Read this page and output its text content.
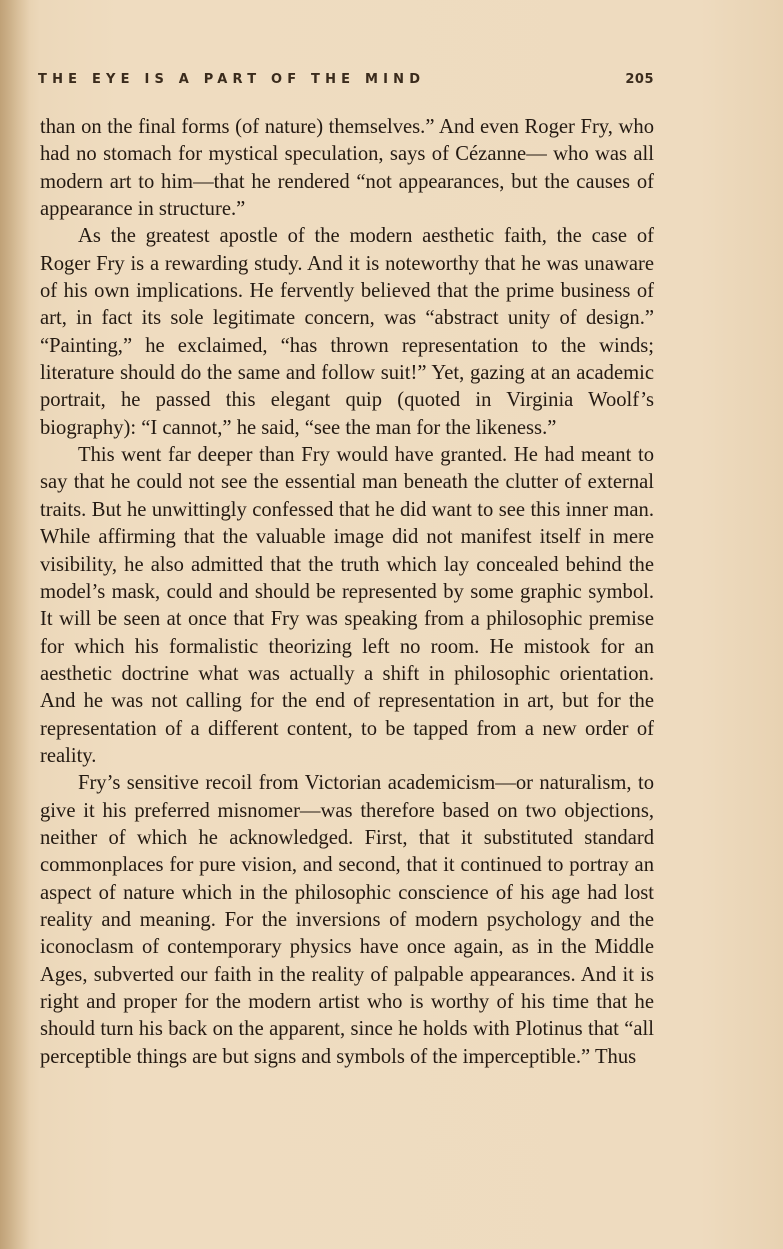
THE EYE IS A PART OF THE MIND	205

than on the final forms (of nature) themselves.” And even Roger Fry, who had no stomach for mystical speculation, says of Cézanne— who was all modern art to him—that he rendered “not appearances, but the causes of appearance in structure.”

As the greatest apostle of the modern aesthetic faith, the case of Roger Fry is a rewarding study. And it is noteworthy that he was unaware of his own implications. He fervently believed that the prime business of art, in fact its sole legitimate concern, was “abstract unity of design.” “Painting,” he exclaimed, “has thrown representation to the winds; literature should do the same and follow suit!” Yet, gazing at an academic portrait, he passed this elegant quip (quoted in Virginia Woolf’s biography): “I cannot,” he said, “see the man for the likeness.”

This went far deeper than Fry would have granted. He had meant to say that he could not see the essential man beneath the clutter of external traits. But he unwittingly confessed that he did want to see this inner man. While affirming that the valuable image did not manifest itself in mere visibility, he also admitted that the truth which lay concealed behind the model’s mask, could and should be represented by some graphic symbol. It will be seen at once that Fry was speaking from a philosophic premise for which his formalistic theorizing left no room. He mistook for an aesthetic doctrine what was actually a shift in philosophic orientation. And he was not calling for the end of representation in art, but for the representation of a different content, to be tapped from a new order of reality.

Fry’s sensitive recoil from Victorian academicism—or naturalism, to give it his preferred misnomer—was therefore based on two objections, neither of which he acknowledged. First, that it substituted standard commonplaces for pure vision, and second, that it continued to portray an aspect of nature which in the philosophic conscience of his age had lost reality and meaning. For the inversions of modern psychology and the iconoclasm of contemporary physics have once again, as in the Middle Ages, subverted our faith in the reality of palpable appearances. And it is right and proper for the modern artist who is worthy of his time that he should turn his back on the apparent, since he holds with Plotinus that “all perceptible things are but signs and symbols of the imperceptible.” Thus
